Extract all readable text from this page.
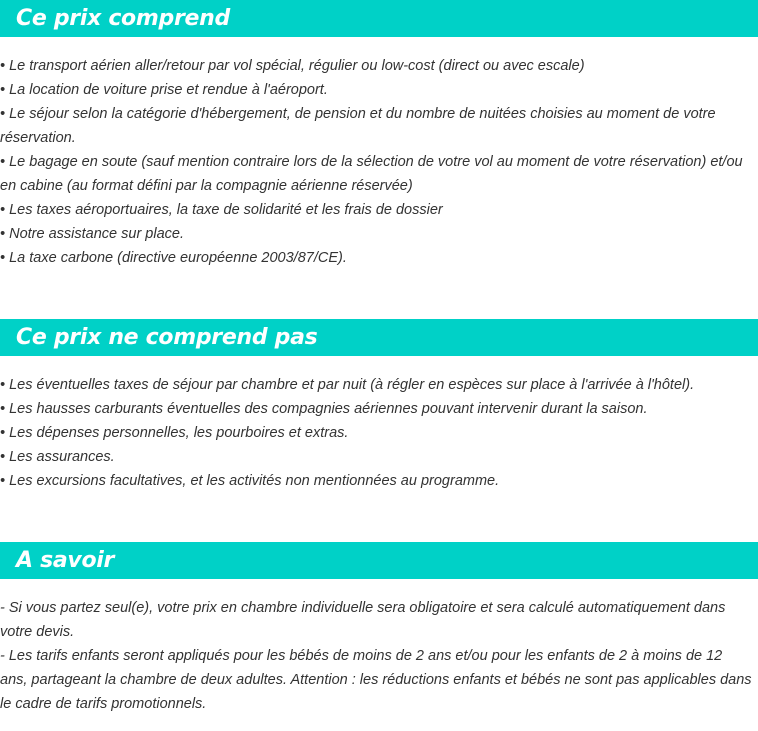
Ce prix comprend

• Le transport aérien aller/retour par vol spécial, régulier ou low-cost (direct ou avec escale)

• La location de voiture prise et rendue à l'aéroport.

• Le séjour selon la catégorie d'hébergement, de pension et du nombre de nuitées choisies au moment de votre réservation.

• Le bagage en soute (sauf mention contraire lors de la sélection de votre vol au moment de votre réservation) et/ou en cabine (au format défini par la compagnie aérienne réservée)

• Les taxes aéroportuaires, la taxe de solidarité et les frais de dossier

• Notre assistance sur place.

• La taxe carbone (directive européenne 2003/87/CE).

Ce prix ne comprend pas

• Les éventuelles taxes de séjour par chambre et par nuit (à régler en espèces sur place à l'arrivée à l'hôtel).

• Les hausses carburants éventuelles des compagnies aériennes pouvant intervenir durant la saison.

• Les dépenses personnelles, les pourboires et extras.

• Les assurances.

• Les excursions facultatives, et les activités non mentionnées au programme.

A savoir

- Si vous partez seul(e), votre prix en chambre individuelle sera obligatoire et sera calculé automatiquement dans votre devis.

- Les tarifs enfants seront appliqués pour les bébés de moins de 2 ans et/ou pour les enfants de 2 à moins de 12 ans, partageant la chambre de deux adultes. Attention : les réductions enfants et bébés ne sont pas applicables dans le cadre de tarifs promotionnels.
